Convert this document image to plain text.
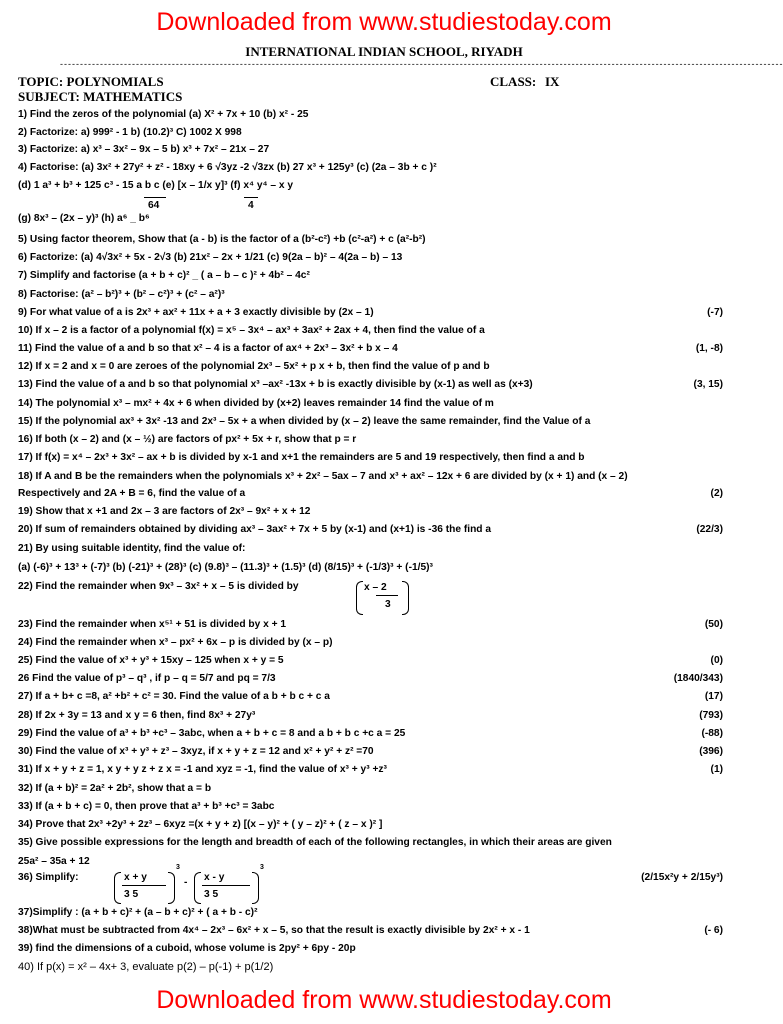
Downloaded from www.studiestoday.com
INTERNATIONAL INDIAN SCHOOL, RIYADH
-------------------------------------------------------------------------------------------------------------------------------------------------------------------------------------
TOPIC: POLYNOMIALS	CLASS: IX
SUBJECT: MATHEMATICS
1) Find the zeros of the polynomial (a) X² + 7x + 10 (b) x² - 25
2) Factorize: a) 999² - 1 b) (10.2)³ C) 1002 X 998
3) Factorize: a) x³ – 3x² – 9x – 5 b) x³ + 7x² – 21x – 27
4) Factorise: (a) 3x² + 27y² + z² - 18xy + 6 √3yz -2 √3zx (b) 27 x³ + 125y³ (c) (2a – 3b + c )²
(d) 1 a³ + b³ + 125 c³ - 15 a b c (e) [x – 1/x y]³ (f) x⁴ y⁴ – x y
(g) 8x³ – (2x – y)³ (h) a⁶ _ b⁶
5) Using factor theorem, Show that (a - b) is the factor of a (b²-c²) +b (c²-a²) + c (a²-b²)
6) Factorize: (a) 4√3x² + 5x - 2√3 (b) 21x² – 2x + 1/21 (c) 9(2a – b)² – 4(2a – b) – 13
7) Simplify and factorise (a + b + c)² _ ( a – b – c )² + 4b² – 4c²
8) Factorise: (a² – b²)³ + (b² – c²)³ + (c² – a²)³
9) For what value of a is 2x³ + ax² + 11x + a + 3 exactly divisible by (2x – 1)	(-7)
10) If x – 2 is a factor of a polynomial f(x) = x⁵ – 3x⁴ – ax³ + 3ax² + 2ax + 4, then find the value of a
11) Find the value of a and b so that x² – 4 is a factor of ax⁴ + 2x³ – 3x² + b x – 4	(1, -8)
12) If x = 2 and x = 0 are zeroes of the polynomial 2x³ – 5x² + p x + b, then find the value of p and b
13) Find the value of a and b so that polynomial x³ –ax² -13x + b is exactly divisible by (x-1) as well as (x+3)	(3, 15)
14) The polynomial x³ – mx² + 4x + 6 when divided by (x+2) leaves remainder 14 find the value of m
15) If the polynomial ax³ + 3x² -13 and 2x³ – 5x + a when divided by (x – 2) leave the same remainder, find the Value of a
16) If both (x – 2) and (x – ½) are factors of px² + 5x + r, show that p = r
17) If f(x) = x⁴ – 2x³ + 3x² – ax + b is divided by x-1 and x+1 the remainders are 5 and 19 respectively, then find a and b
18) If A and B be the remainders when the polynomials x³ + 2x² – 5ax – 7 and x³ + ax² – 12x + 6 are divided by (x + 1) and (x – 2)
Respectively and 2A + B = 6, find the value of a	(2)
19) Show that x +1 and 2x – 3 are factors of 2x³ – 9x² + x + 12
20) If sum of remainders obtained by dividing ax³ – 3ax² + 7x + 5 by (x-1) and (x+1) is -36 the find a	(22/3)
21) By using suitable identity, find the value of:
(a) (-6)³ + 13³ + (-7)³ (b) (-21)³ + (28)³ (c) (9.8)³ – (11.3)³ + (1.5)³ (d) (8/15)³ + (-1/3)³ + (-1/5)³
22) Find the remainder when 9x³ – 3x² + x – 5 is divided by
23) Find the remainder when x⁵¹ + 51 is divided by x + 1	(50)
24) Find the remainder when x³ – px² + 6x – p is divided by (x – p)
25) Find the value of x³ + y³ + 15xy – 125 when x + y = 5	(0)
26 Find the value of p³ – q³ , if p – q = 5/7 and pq = 7/3	(1840/343)
27) If a + b+ c =8, a² +b² + c² = 30. Find the value of a b + b c + c a	(17)
28) If 2x + 3y = 13 and x y = 6 then, find 8x³ + 27y³	(793)
29) Find the value of a³ + b³ +c³ – 3abc, when a + b + c = 8 and a b + b c +c a = 25	(-88)
30) Find the value of x³ + y³ + z³ – 3xyz, if x + y + z = 12 and x² + y² + z² =70	(396)
31) If x + y + z = 1, x y + y z + z x = -1 and xyz = -1, find the value of x³ + y³ +z³	(1)
32) If (a + b)² = 2a² + 2b², show that a = b
33) If (a + b + c) = 0, then prove that a³ + b³ +c³ = 3abc
34) Prove that 2x³ +2y³ + 2z³ – 6xyz =(x + y + z) [(x – y)² + ( y – z)² + ( z – x )² ]
35) Give possible expressions for the length and breadth of each of the following rectangles, in which their areas are given
25a² – 35a + 12
36) Simplify:	(2/15x²y + 2/15y³)
37)Simplify : (a + b + c)² + (a – b + c)² + ( a + b - c)²
38)What must be subtracted from 4x⁴ – 2x³ – 6x² + x – 5, so that the result is exactly divisible by 2x² + x - 1	(- 6)
39) find the dimensions of a cuboid, whose volume is 2py² + 6py - 20p
40) If p(x) = x² – 4x+ 3, evaluate p(2) – p(-1) + p(1/2)
64	4
x – 2
3
x + y
3 5
3
- x - y
3 5
3
Downloaded from www.studiestoday.com
